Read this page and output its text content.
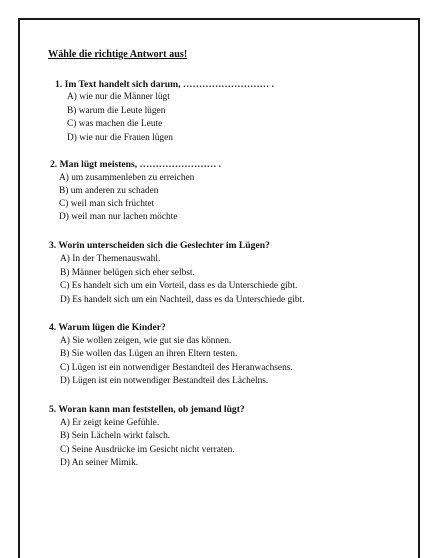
Wähle die richtige Antwort aus!
1. Im Text handelt sich darum, ……………………… .
A) wie nur die Männer lügt
B) warum die Leute lügen
C) was machen die Leute
D) wie nur die Frauen lügen
2. Man lügt meistens, …………………… .
A) um zusammenleben zu erreichen
B) um anderen zu schaden
C) weil man sich früchtet
D) weil man nur lachen möchte
3. Worin unterscheiden sich die Geslechter im Lügen?
A) In der Themenauswahl.
B) Männer belügen sich eher selbst.
C) Es handelt sich um ein Vorteil, dass es da Unterschiede gibt.
D) Es handelt sich um ein Nachteil, dass es da Unterschiede gibt.
4. Warum lügen die Kinder?
A) Sie wollen zeigen, wie gut sie das können.
B) Sie wollen das Lügen an ihren Eltern testen.
C) Lügen ist ein notwendiger Bestandteil des Heranwachsens.
D) Lügen ist ein notwendiger Bestandteil des Lächelns.
5. Woran kann man feststellen, ob jemand lügt?
A) Er zeigt keine Gefühle.
B) Sein Lächeln wirkt falsch.
C) Seine Ausdrücke im Gesicht nicht verraten.
D) An seiner Mimik.
